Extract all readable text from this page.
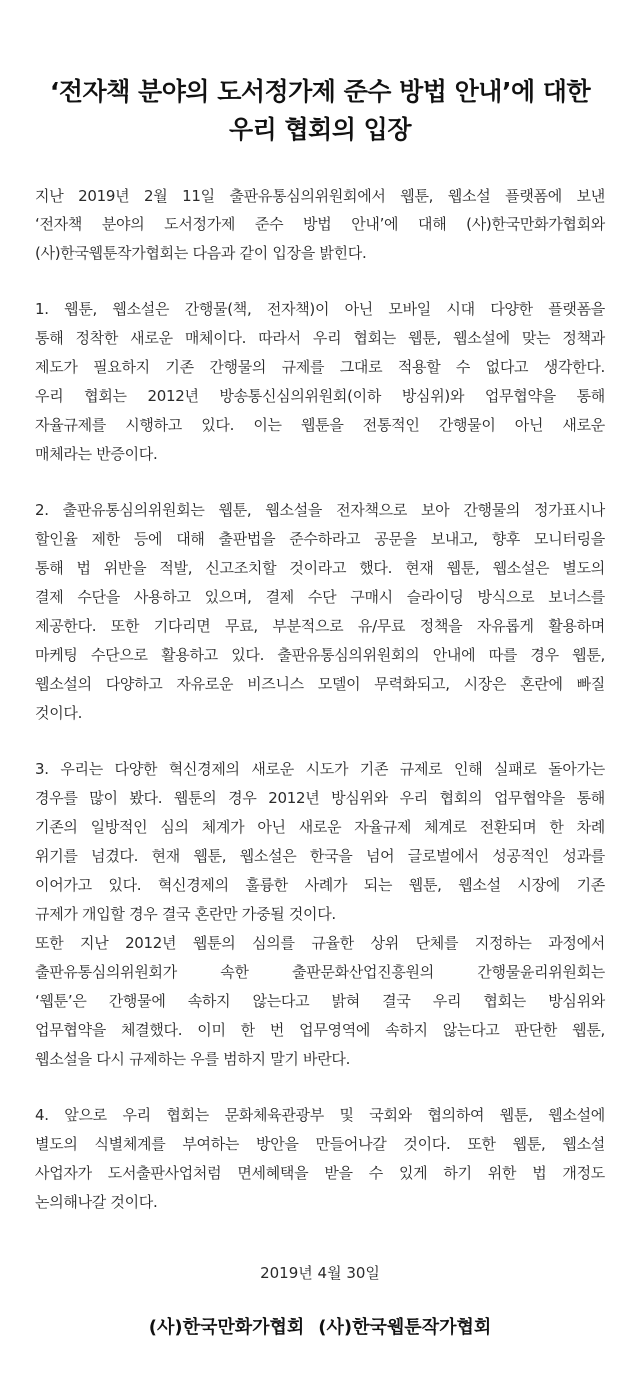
‘전자책 분야의 도서정가제 준수 방법 안내’에 대한
우리 협회의 입장
지난 2019년 2월 11일 출판유통심의위원회에서 웹툰, 웹소설 플랫폼에 보낸
‘전자책 분야의 도서정가제 준수 방법 안내’에 대해 (사)한국만화가협회와
(사)한국웹툰작가협회는 다음과 같이 입장을 밝힌다.
1. 웹툰, 웹소설은 간행물(책, 전자책)이 아닌 모바일 시대 다양한 플랫폼을
통해 정착한 새로운 매체이다. 따라서 우리 협회는 웹툰, 웹소설에 맞는 정책과
제도가 필요하지 기존 간행물의 규제를 그대로 적용할 수 없다고 생각한다.
우리 협회는 2012년 방송통신심의위원회(이하 방심위)와 업무협약을 통해
자율규제를 시행하고 있다. 이는 웹툰을 전통적인 간행물이 아닌 새로운
매체라는 반증이다.
2. 출판유통심의위원회는 웹툰, 웹소설을 전자책으로 보아 간행물의 정가표시나
할인율 제한 등에 대해 출판법을 준수하라고 공문을 보내고, 향후 모니터링을
통해 법 위반을 적발, 신고조치할 것이라고 했다. 현재 웹툰, 웹소설은 별도의
결제 수단을 사용하고 있으며, 결제 수단 구매시 슬라이딩 방식으로 보너스를
제공한다. 또한 기다리면 무료, 부분적으로 유/무료 정책을 자유롭게 활용하며
마케팅 수단으로 활용하고 있다. 출판유통심의위원회의 안내에 따를 경우 웹툰,
웹소설의 다양하고 자유로운 비즈니스 모델이 무력화되고, 시장은 혼란에 빠질
것이다.
3. 우리는 다양한 혁신경제의 새로운 시도가 기존 규제로 인해 실패로 돌아가는
경우를 많이 봤다. 웹툰의 경우 2012년 방심위와 우리 협회의 업무협약을 통해
기존의 일방적인 심의 체계가 아닌 새로운 자율규제 체계로 전환되며 한 차례
위기를 넘겼다. 현재 웹툰, 웹소설은 한국을 넘어 글로벌에서 성공적인 성과를
이어가고 있다. 혁신경제의 훌륭한 사례가 되는 웹툰, 웹소설 시장에 기존
규제가 개입할 경우 결국 혼란만 가중될 것이다.
또한 지난 2012년 웹툰의 심의를 규율한 상위 단체를 지정하는 과정에서
출판유통심의위원회가 속한 출판문화산업진흥원의 간행물윤리위원회는
‘웹툰’은 간행물에 속하지 않는다고 밝혀 결국 우리 협회는 방심위와
업무협약을 체결했다. 이미 한 번 업무영역에 속하지 않는다고 판단한 웹툰,
웹소설을 다시 규제하는 우를 범하지 말기 바란다.
4. 앞으로 우리 협회는 문화체육관광부 및 국회와 협의하여 웹툰, 웹소설에
별도의 식별체계를 부여하는 방안을 만들어나갈 것이다. 또한 웹툰, 웹소설
사업자가 도서출판사업처럼 면세혜택을 받을 수 있게 하기 위한 법 개정도
논의해나갈 것이다.
2019년 4월 30일
(사)한국만화가협회 (사)한국웹툰작가협회
